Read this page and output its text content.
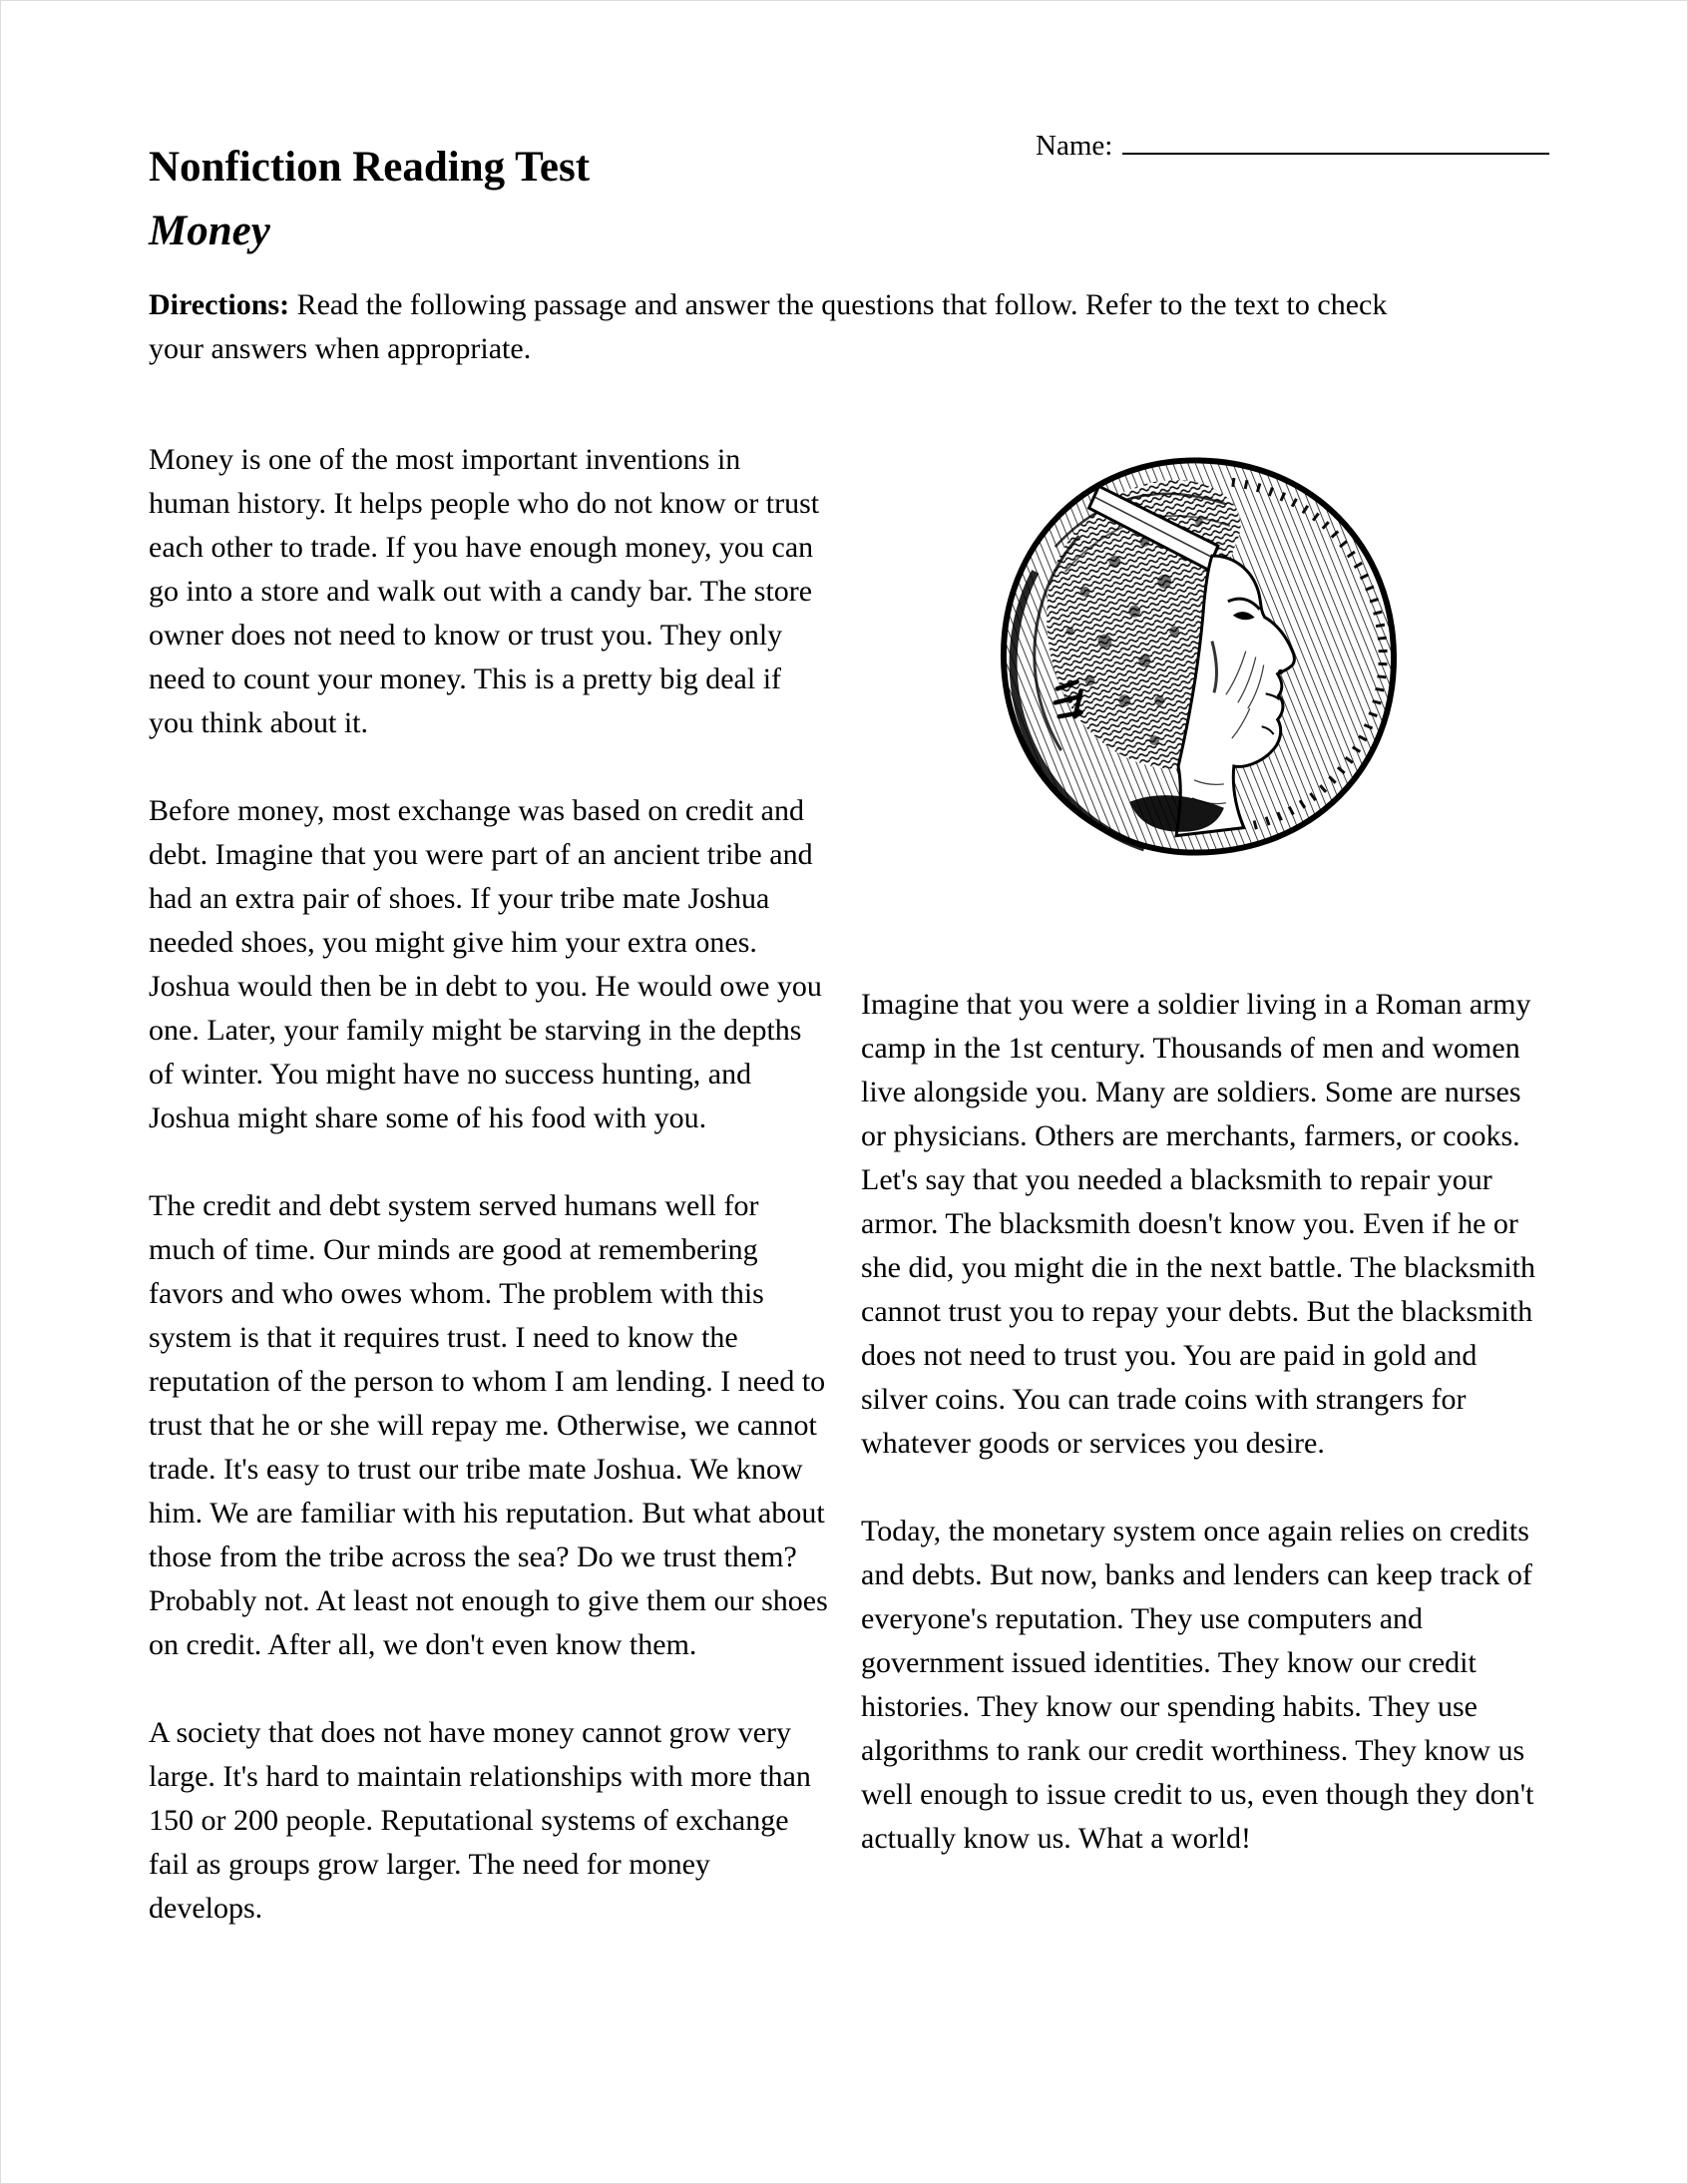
Name:
Nonfiction Reading Test
Money

Directions: Read the following passage and answer the questions that follow. Refer to the text to check your answers when appropriate.

Money is one of the most important inventions in human history. It helps people who do not know or trust each other to trade. If you have enough money, you can go into a store and walk out with a candy bar. The store owner does not need to know or trust you. They only need to count your money. This is a pretty big deal if you think about it.

Before money, most exchange was based on credit and debt. Imagine that you were part of an ancient tribe and had an extra pair of shoes. If your tribe mate Joshua needed shoes, you might give him your extra ones. Joshua would then be in debt to you. He would owe you one. Later, your family might be starving in the depths of winter. You might have no success hunting, and Joshua might share some of his food with you.

The credit and debt system served humans well for much of time. Our minds are good at remembering favors and who owes whom. The problem with this system is that it requires trust. I need to know the reputation of the person to whom I am lending. I need to trust that he or she will repay me. Otherwise, we cannot trade. It's easy to trust our tribe mate Joshua. We know him. We are familiar with his reputation. But what about those from the tribe across the sea? Do we trust them? Probably not. At least not enough to give them our shoes on credit. After all, we don't even know them.

A society that does not have money cannot grow very large. It's hard to maintain relationships with more than 150 or 200 people. Reputational systems of exchange fail as groups grow larger. The need for money develops.

Imagine that you were a soldier living in a Roman army camp in the 1st century. Thousands of men and women live alongside you. Many are soldiers. Some are nurses or physicians. Others are merchants, farmers, or cooks. Let's say that you needed a blacksmith to repair your armor. The blacksmith doesn't know you. Even if he or she did, you might die in the next battle. The blacksmith cannot trust you to repay your debts. But the blacksmith does not need to trust you. You are paid in gold and silver coins. You can trade coins with strangers for whatever goods or services you desire.

Today, the monetary system once again relies on credits and debts. But now, banks and lenders can keep track of everyone's reputation. They use computers and government issued identities. They know our credit histories. They know our spending habits. They use algorithms to rank our credit worthiness. They know us well enough to issue credit to us, even though they don't actually know us. What a world!
